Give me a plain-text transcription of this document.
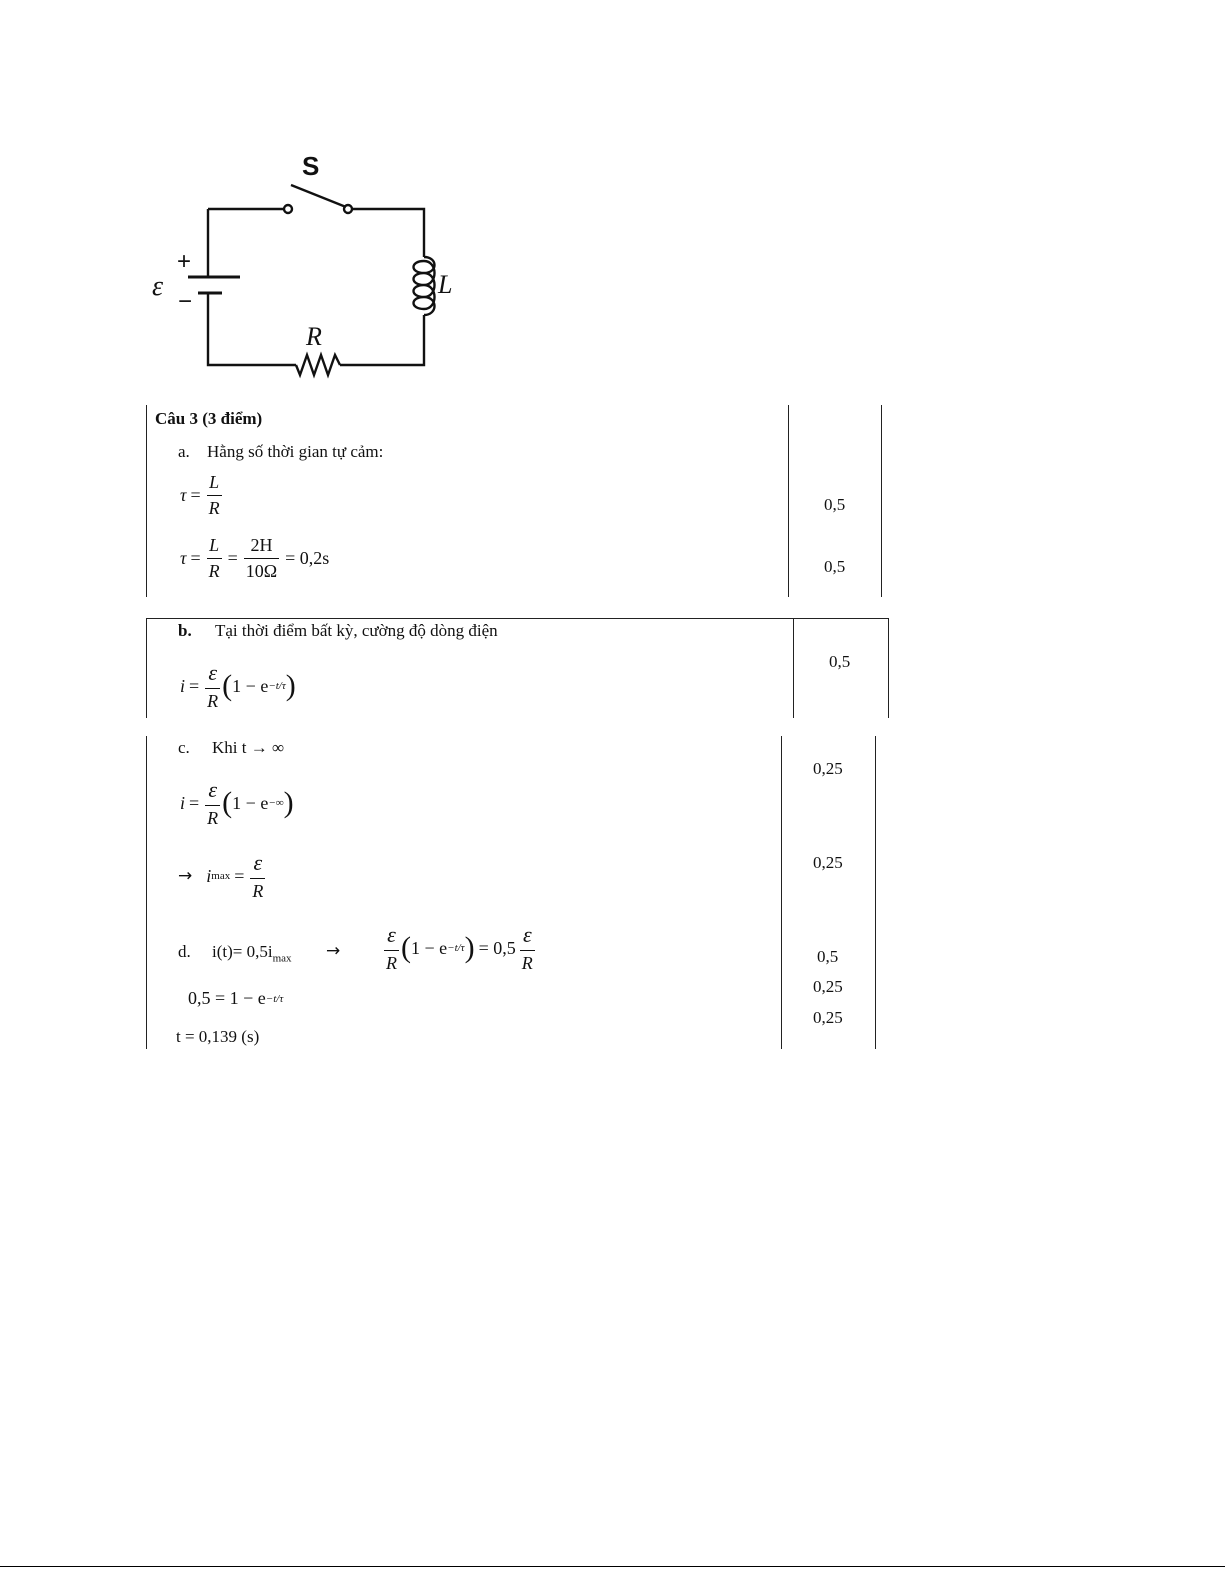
S
L
R
ε
+
−
Câu 3 (3 điểm)
a. Hằng số thời gian tự cảm:
$\tau = \frac{L}{R}$
$\tau = \frac{L}{R} = \frac{2H}{10\Omega} = 0,2s$
0,5
0,5
b. Tại thời điểm bất kỳ, cường độ dòng điện
$i = \frac{\varepsilon}{R}$ ( 1 − e −t/τ )
0,5
c. Khi t → ∞
$i = \frac{\varepsilon}{R}$ ( 1 − e −∞ )
→ i $\max = \frac{\varepsilon}{R}$
d. $i(t)= 0,5i_{max} \to \frac{\varepsilon}{R}$ ( 1 − e −t/τ ) = $0,5 \frac{\varepsilon}{R}$
0,5 = 1 − e −t/τ
t = 0,139 (s)
0,25
0,25
0,5
0,25
0,25
